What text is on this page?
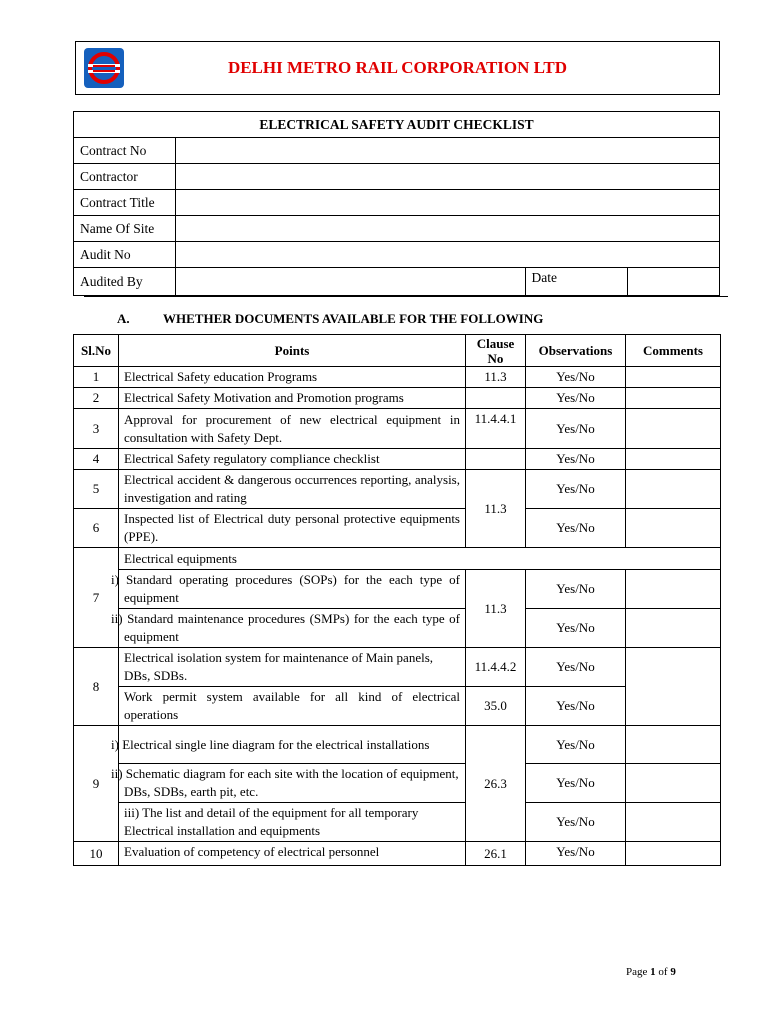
DELHI METRO RAIL CORPORATION LTD
ELECTRICAL SAFETY AUDIT CHECKLIST			
Contract No			
Contractor			
Contract Title			
Name Of Site			
Audit No			
Audited By		Date	
A.	WHETHER DOCUMENTS AVAILABLE FOR THE FOLLOWING
Sl.No	Points	Clause No	Observations	Comments
1	Electrical Safety education Programs	11.3	Yes/No	
2	Electrical Safety Motivation and Promotion programs		Yes/No	
3	Approval for procurement of new electrical equipment in consultation with Safety Dept.	11.4.4.1	Yes/No	
4	Electrical Safety regulatory compliance checklist		Yes/No	
5	Electrical accident & dangerous occurrences reporting, analysis, investigation and rating	11.3	Yes/No	
6	Inspected list of Electrical duty personal protective equipments (PPE).		Yes/No	
7	Electrical equipments			
	i) Standard operating procedures (SOPs) for the each type of equipment	11.3	Yes/No	
	ii) Standard maintenance procedures (SMPs) for the each type of equipment		Yes/No	
8	Electrical isolation system for maintenance of Main panels, DBs, SDBs.	11.4.4.2	Yes/No	
	Work permit system available for all kind of electrical operations	35.0	Yes/No	
9	i) Electrical single line diagram for the electrical installations	26.3	Yes/No	
	ii) Schematic diagram for each site with the location of equipment, DBs, SDBs, earth pit, etc.		Yes/No	
	iii) The list and detail of the equipment for all temporary Electrical installation and equipments		Yes/No	
10	Evaluation of competency of electrical personnel	26.1	Yes/No	
Page 1 of 9
